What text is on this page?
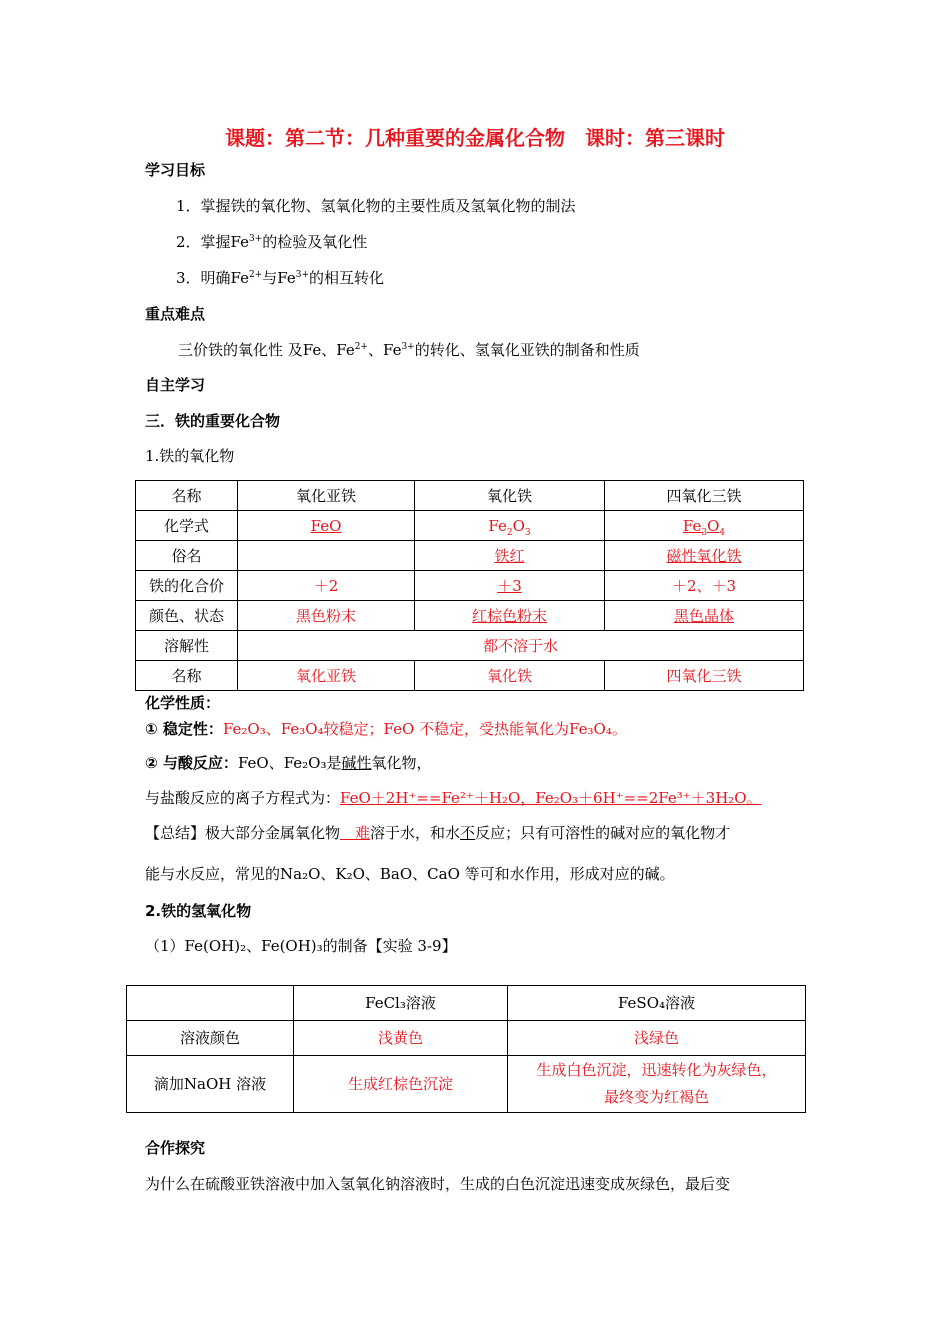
课题：第二节：几种重要的金属化合物　课时：第三课时
学习目标
1．掌握铁的氧化物、氢氧化物的主要性质及氢氧化物的制法
2．掌握$Fe^{3+}$的检验及氧化性
3．明确$Fe^{2+}$与$Fe^{3+}$的相互转化
重点难点
三价铁的氧化性 及Fe、$Fe^{2+}$、$Fe^{3+}$的转化、氢氧化亚铁的制备和性质
自主学习
三．铁的重要化合物
1.铁的氧化物
名称	氧化亚铁	氧化铁	四氧化三铁
化学式	FeO	$Fe_2O_3$	$Fe_3O_4$
俗名		铁红	磁性氧化铁
铁的化合价	＋2	＋3	＋2、＋3
颜色、状态	黑色粉末	红棕色粉末	黑色晶体
溶解性	都不溶于水		
名称	氧化亚铁	氧化铁	四氧化三铁
化学性质：
① 稳定性：Fe₂O₃、Fe₃O₄较稳定；FeO 不稳定，受热能氧化为Fe₃O₄。
② 与酸反应：FeO、Fe₂O₃是碱性氧化物，
与盐酸反应的离子方程式为：FeO＋2H⁺==Fe²⁺＋H₂O，Fe₂O₃＋6H⁺==2Fe³⁺＋3H₂O。
【总结】极大部分金属氧化物　难溶于水，和水不反应；只有可溶性的碱对应的氧化物才
能与水反应，常见的Na₂O、K₂O、BaO、CaO 等可和水作用，形成对应的碱。
2.铁的氢氧化物
（1）Fe(OH)₂、Fe(OH)₃的制备【实验 3-9】
	FeCl₃溶液	FeSO₄溶液
溶液颜色	浅黄色	浅绿色
滴加NaOH 溶液	生成红棕色沉淀	生成白色沉淀，迅速转化为灰绿色，
最终变为红褐色
合作探究
为什么在硫酸亚铁溶液中加入氢氧化钠溶液时，生成的白色沉淀迅速变成灰绿色，最后变
